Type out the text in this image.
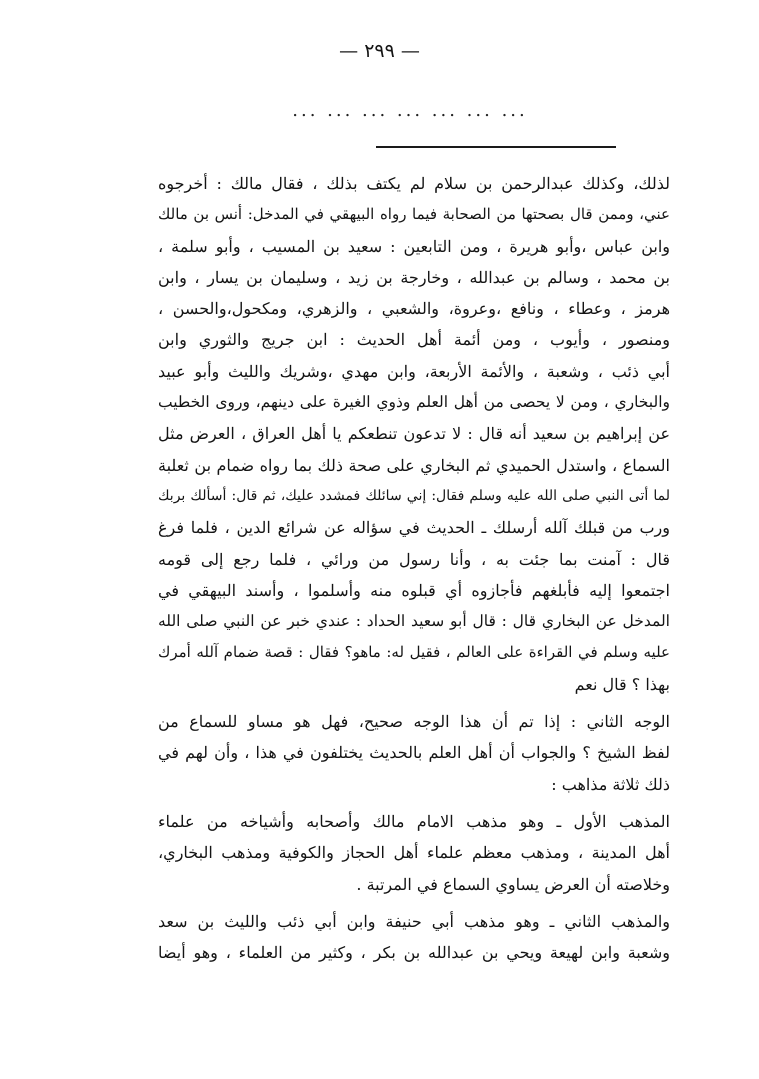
— ٢٩٩ —
... ... ... ... ... ... ...
لذلك، وكذلك عبدالرحمن بن سلام لم يكتف بذلك ، فقال مالك : أخرجوه
عني، وممن قال بصحتها من الصحابة فيما رواه البيهقي في المدخل: أنس بن مالك
وابن عباس ،وأبو هريرة ، ومن التابعين : سعيد بن المسيب ، وأبو سلمة ،
بن محمد ، وسالم بن عبدالله ، وخارجة بن زيد ، وسليمان بن يسار ، وابن
هرمز ، وعطاء ، ونافع ،وعروة، والشعبي ، والزهري، ومكحول،والحسن ،
ومنصور ، وأيوب ، ومن أئمة أهل الحديث : ابن جريج والثوري وابن
أبي ذئب ، وشعبة ، والأئمة الأربعة، وابن مهدي ،وشريك والليث وأبو عبيد
والبخاري ، ومن لا يحصى من أهل العلم وذوي الغيرة على دينهم، وروى الخطيب
عن إبراهيم بن سعيد أنه قال : لا تدعون تنطعكم يا أهل العراق ، العرض مثل
السماع ، واستدل الحميدي ثم البخاري على صحة ذلك بما رواه ضمام بن ثعلبة
لما أتى النبي صلى الله عليه وسلم فقال: إني سائلك فمشدد عليك، ثم قال: أسألك بربك
ورب من قبلك آلله أرسلك ـ الحديث في سؤاله عن شرائع الدين ، فلما فرغ
قال : آمنت بما جئت به ، وأنا رسول من ورائي ، فلما رجع إلى قومه
اجتمعوا إليه فأبلغهم فأجازوه أي قبلوه منه وأسلموا ، وأسند البيهقي في
المدخل عن البخاري قال : قال أبو سعيد الحداد : عندي خبر عن النبي صلى الله
عليه وسلم في القراءة على العالم ، فقيل له: ماهو؟ فقال : قصة ضمام آلله أمرك
بهذا ؟ قال نعم
الوجه الثاني : إذا تم أن هذا الوجه صحيح، فهل هو مساو للسماع من
لفظ الشيخ ؟ والجواب أن أهل العلم بالحديث يختلفون في هذا ، وأن لهم في
ذلك ثلاثة مذاهب :
المذهب الأول ـ وهو مذهب الامام مالك وأصحابه وأشياخه من علماء
أهل المدينة ، ومذهب معظم علماء أهل الحجاز والكوفية ومذهب البخاري،
وخلاصته أن العرض يساوي السماع في المرتبة .
والمذهب الثاني ـ وهو مذهب أبي حنيفة وابن أبي ذئب والليث بن سعد
وشعبة وابن لهيعة ويحي بن عبدالله بن بكر ، وكثير من العلماء ، وهو أيضا
